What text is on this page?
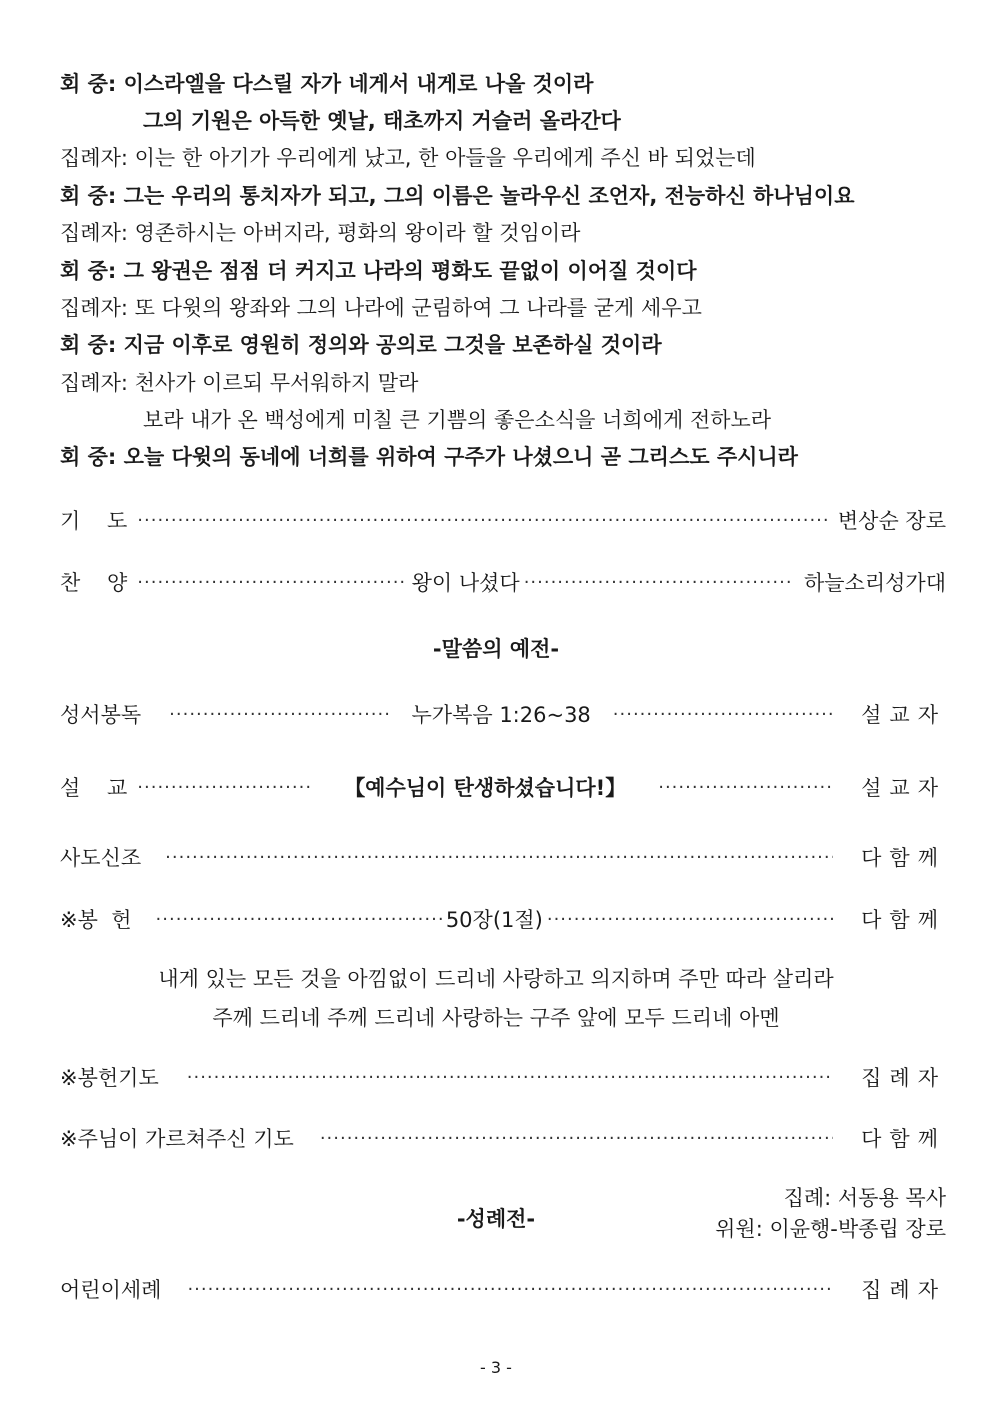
회 중: 이스라엘을 다스릴 자가 네게서 내게로 나올 것이라
그의 기원은 아득한 옛날, 태초까지 거슬러 올라간다
집례자: 이는 한 아기가 우리에게 났고, 한 아들을 우리에게 주신 바 되었는데
회 중: 그는 우리의 통치자가 되고, 그의 이름은 놀라우신 조언자, 전능하신 하나님이요
집례자: 영존하시는 아버지라, 평화의 왕이라 할 것임이라
회 중: 그 왕권은 점점 더 커지고 나라의 평화도 끝없이 이어질 것이다
집례자: 또 다윗의 왕좌와 그의 나라에 군림하여 그 나라를 굳게 세우고
회 중: 지금 이후로 영원히 정의와 공의로 그것을 보존하실 것이라
집례자: 천사가 이르되 무서워하지 말라
보라 내가 온 백성에게 미칠 큰 기쁨의 좋은소식을 너희에게 전하노라
회 중: 오늘 다윗의 동네에 너희를 위하여 구주가 나셨으니 곧 그리스도 주시니라
기    도 ·····	변상순 장로
찬    양 ·····	왕이 나셨다 ·····	하늘소리성가대
-말씀의 예전-
성서봉독 ·····	누가복음 1:26~38 ·····	설교자
설    교 ·····	【예수님이 탄생하셨습니다!】 ·····	설교자
사도신조 ·····	다함께
※봉  헌 ·····	50장(1절) ·····	다함께
내게 있는 모든 것을 아낌없이 드리네 사랑하고 의지하며 주만 따라 살리라
주께 드리네 주께 드리네 사랑하는 구주 앞에 모두 드리네 아멘
※봉헌기도 ·····	집례자
※주님이 가르쳐주신 기도 ·····	다함께
-성례전-
집례: 서동용 목사
위원: 이윤행-박종립 장로
어린이세례 ·····	집례자
- 3 -
